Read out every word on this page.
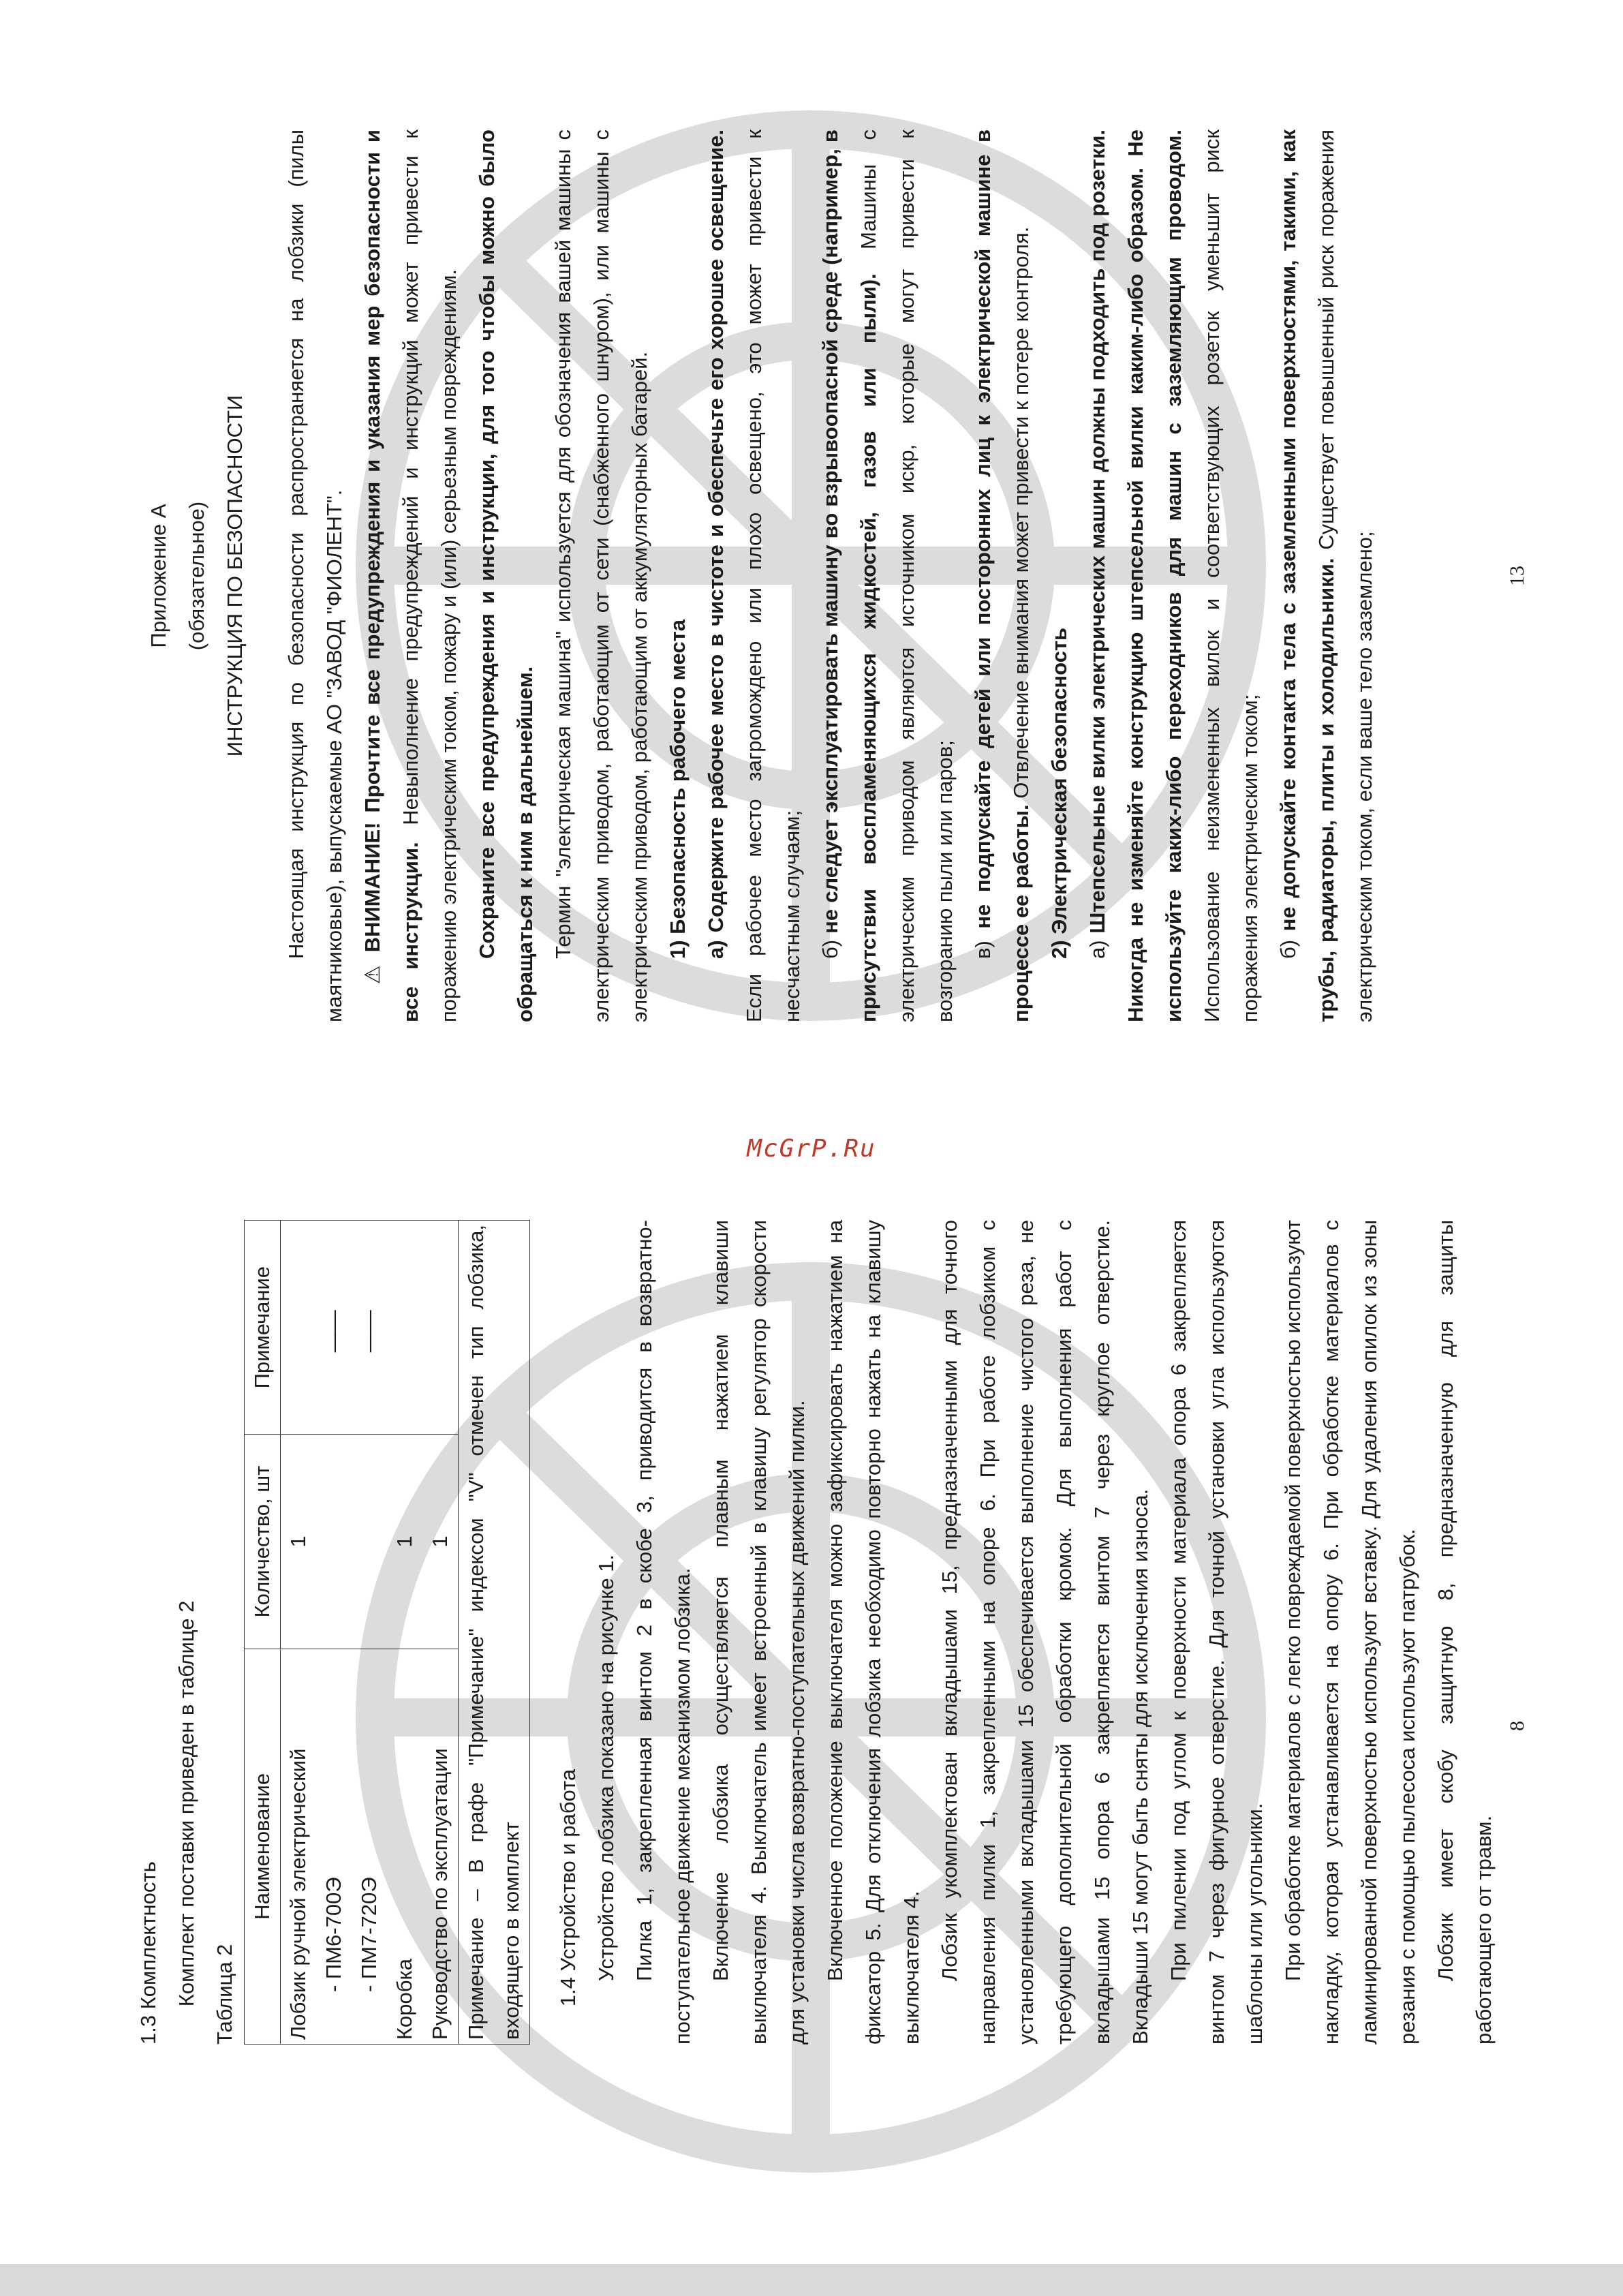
McGrP.Ru

1.3 Комплектность Комплект поставки приведен в таблице 2 Таблица 2

Наименование	Количество, шт	Примечание
Лобзик ручной электрический - ПМ6-700Э - ПМ7-720Э	1	—— ——
Коробка	1	
Руководство по эксплуатации	1	
Примечание – В графе "Примечание" индексом "V" отмечен тип лобзика, входящего в комплект			1.4 Устройство и работа Устройство лобзика показано на рисунке 1. Пилка 1, закрепленная винтом 2 в скобе 3, приводится в возвратно-поступательное движение механизмом лобзика. Включение лобзика осуществляется плавным нажатием клавиши выключателя 4. Выключатель имеет встроенный в клавишу регулятор скорости для установки числа возвратно-поступательных движений пилки. Включенное положение выключателя можно зафиксировать нажатием на фиксатор 5. Для отключения лобзика необходимо повторно нажать на клавишу выключателя 4. Лобзик укомплектован вкладышами 15, предназначенными для точного направления пилки 1, закрепленными на опоре 6. При работе лобзиком с установленными вкладышами 15 обеспечивается выполнение чистого реза, не требующего дополнительной обработки кромок. Для выполнения работ с вкладышами 15 опора 6 закрепляется винтом 7 через круглое отверстие. Вкладыши 15 могут быть сняты для исключения износа. При пилении под углом к поверхности материала опора 6 закрепляется винтом 7 через фигурное отверстие. Для точной установки угла используются шаблоны или угольники. При обработке материалов с легко повреждаемой поверхностью используют накладку, которая устанавливается на опору 6. При обработке материалов с ламинированной поверхностью используют вставку. Для удаления опилок из зоны резания с помощью пылесоса используют патрубок. Лобзик имеет скобу защитную 8, предназначенную для защиты работающего от травм.

8

Приложение А (обязательное) ИНСТРУКЦИЯ ПО БЕЗОПАСНОСТИ	Настоящая инструкция по безопасности распространяется на лобзики (пилы маятниковые), выпускаемые АО "ЗАВОД "ФИОЛЕНТ". ⚠ ВНИМАНИЕ! Прочтите все предупреждения и указания мер безопасности и все инструкции. Невыполнение предупреждений и инструкций может привести к поражению электрическим током, пожару и (или) серьезным повреждениям. Сохраните все предупреждения и инструкции, для того чтобы можно было обращаться к ним в дальнейшем. Термин "электрическая машина" используется для обозначения вашей машины с электрическим приводом, работающим от сети (снабженного шнуром), или машины с электрическим приводом, работающим от аккумуляторных батарей. 1) Безопасность рабочего места а) Содержите рабочее место в чистоте и обеспечьте его хорошее освещение. Если рабочее место загромождено или плохо освещено, это может привести к несчастным случаям; б) не следует эксплуатировать машину во взрывоопасной среде (например, в присутствии воспламеняющихся жидкостей, газов или пыли). Машины с электрическим приводом являются источником искр, которые могут привести к возгоранию пыли или паров; в) не подпускайте детей или посторонних лиц к электрической машине в процессе ее работы. Отвлечение внимания может привести к потере контроля. 2) Электрическая безопасность а) Штепсельные вилки электрических машин должны подходить под розетки. Никогда не изменяйте конструкцию штепсельной вилки каким-либо образом. Не используйте каких-либо переходников для машин с заземляющим проводом. Использование неизмененных вилок и соответствующих розеток уменьшит риск поражения электрическим током; б) не допускайте контакта тела с заземленными поверхностями, такими, как трубы, радиаторы, плиты и холодильники. Существует повышенный риск поражения электрическим током, если ваше тело заземлено;	13
